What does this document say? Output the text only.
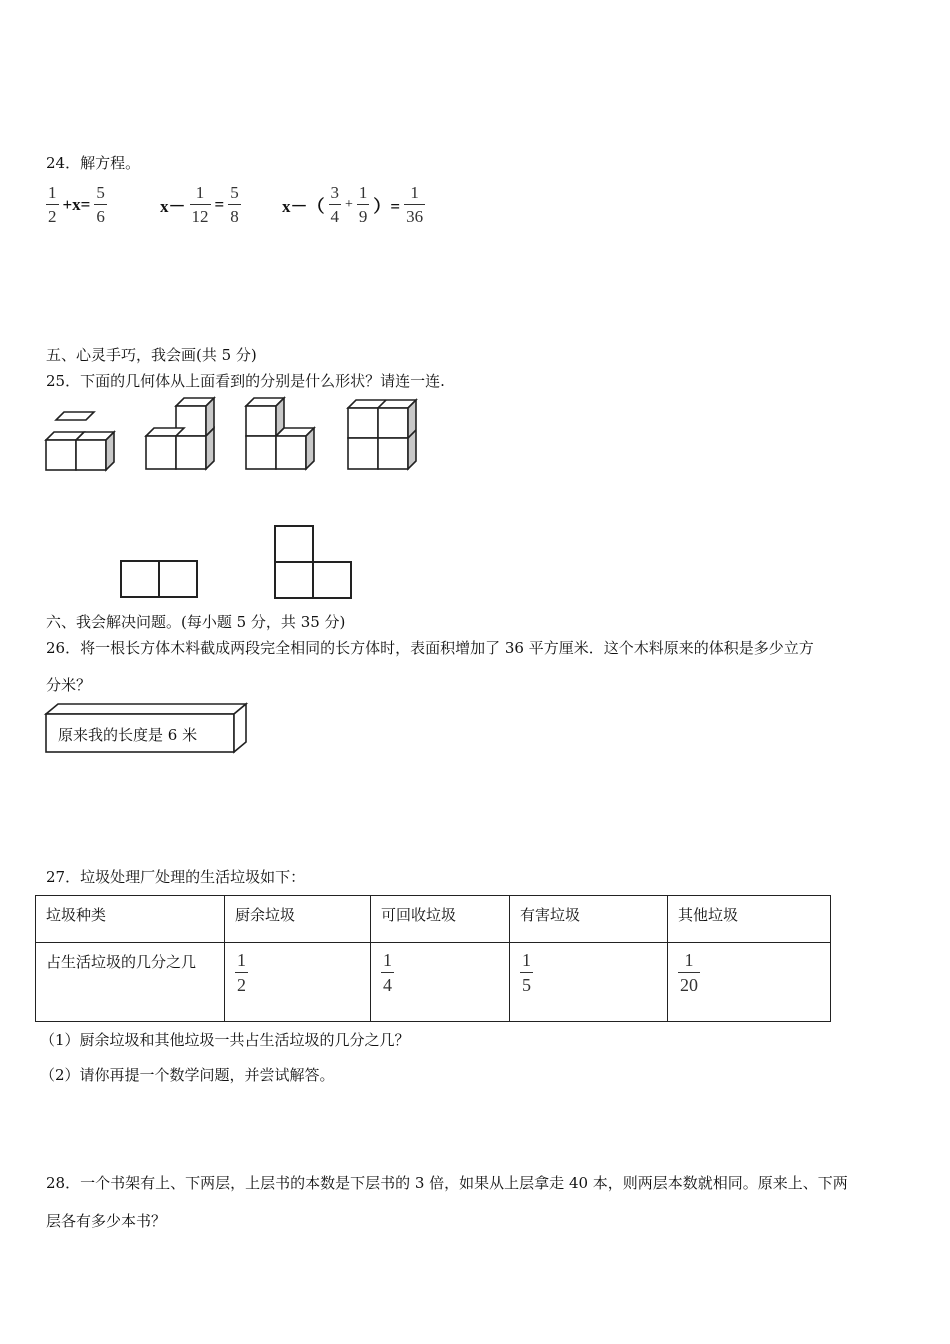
24．解方程。
$\frac{1}{2} +x= \frac{5}{6}$	$x- \frac{1}{12} = \frac{5}{8} x-( \frac{3}{4} + \frac{1}{9}$ ）= $\frac{1}{36}$
五、心灵手巧，我会画(共 5 分)
25．下面的几何体从上面看到的分别是什么形状？请连一连.
六、我会解决问题。(每小题 5 分，共 35 分)
26．将一根长方体木料截成两段完全相同的长方体时，表面积增加了 36 平方厘米．这个木料原来的体积是多少立方
分米？
原来我的长度是 6 米
27．垃圾处理厂处理的生活垃圾如下：
垃圾种类	厨余垃圾	可回收垃圾	有害垃圾	其他垃圾
占生活垃圾的几分之几	$\frac{1}{2}$	$\frac{1}{4}$	$\frac{1}{5}$	$\frac{1}{20}$
（1）厨余垃圾和其他垃圾一共占生活垃圾的几分之几？
（2）请你再提一个数学问题，并尝试解答。
28．一个书架有上、下两层，上层书的本数是下层书的 3 倍，如果从上层拿走 40 本，则两层本数就相同。原来上、下两
层各有多少本书？
